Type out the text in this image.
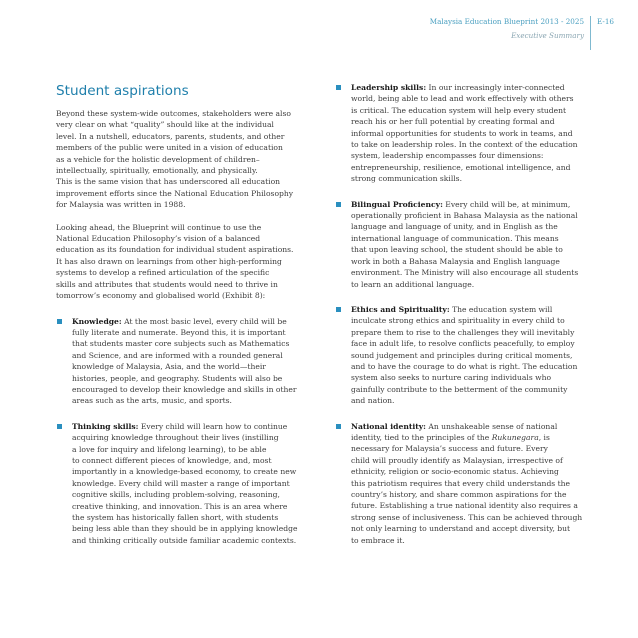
Malaysia Education Blueprint 2013 - 2025
Executive Summary
E-16
Student aspirations
Beyond these system-wide outcomes, stakeholders were also
very clear on what “quality” should like at the individual
level. In a nutshell, educators, parents, students, and other
members of the public were united in a vision of education
as a vehicle for the holistic development of children–
intellectually, spiritually, emotionally, and physically.
This is the same vision that has underscored all education
improvement efforts since the National Education Philosophy
for Malaysia was written in 1988.
Looking ahead, the Blueprint will continue to use the
National Education Philosophy’s vision of a balanced
education as its foundation for individual student aspirations.
It has also drawn on learnings from other high-performing
systems to develop a refined articulation of the specific
skills and attributes that students would need to thrive in
tomorrow’s economy and globalised world (Exhibit 8):
Knowledge: At the most basic level, every child will be
fully literate and numerate. Beyond this, it is important
that students master core subjects such as Mathematics
and Science, and are informed with a rounded general
knowledge of Malaysia, Asia, and the world—their
histories, people, and geography. Students will also be
encouraged to develop their knowledge and skills in other
areas such as the arts, music, and sports.
Thinking skills: Every child will learn how to continue
acquiring knowledge throughout their lives (instilling
a love for inquiry and lifelong learning), to be able
to connect different pieces of knowledge, and, most
importantly in a knowledge-based economy, to create new
knowledge. Every child will master a range of important
cognitive skills, including problem-solving, reasoning,
creative thinking, and innovation. This is an area where
the system has historically fallen short, with students
being less able than they should be in applying knowledge
and thinking critically outside familiar academic contexts.
Leadership skills: In our increasingly inter-connected
world, being able to lead and work effectively with others
is critical. The education system will help every student
reach his or her full potential by creating formal and
informal opportunities for students to work in teams, and
to take on leadership roles. In the context of the education
system, leadership encompasses four dimensions:
entrepreneurship, resilience, emotional intelligence, and
strong communication skills.
Bilingual Proficiency: Every child will be, at minimum,
operationally proficient in Bahasa Malaysia as the national
language and language of unity, and in English as the
international language of communication. This means
that upon leaving school, the student should be able to
work in both a Bahasa Malaysia and English language
environment. The Ministry will also encourage all students
to learn an additional language.
Ethics and Spirituality: The education system will
inculcate strong ethics and spirituality in every child to
prepare them to rise to the challenges they will inevitably
face in adult life, to resolve conflicts peacefully, to employ
sound judgement and principles during critical moments,
and to have the courage to do what is right. The education
system also seeks to nurture caring individuals who
gainfully contribute to the betterment of the community
and nation.
National identity: An unshakeable sense of national
identity, tied to the principles of the Rukunegara, is
necessary for Malaysia’s success and future. Every
child will proudly identify as Malaysian, irrespective of
ethnicity, religion or socio-economic status. Achieving
this patriotism requires that every child understands the
country’s history, and share common aspirations for the
future. Establishing a true national identity also requires a
strong sense of inclusiveness. This can be achieved through
not only learning to understand and accept diversity, but
to embrace it.
